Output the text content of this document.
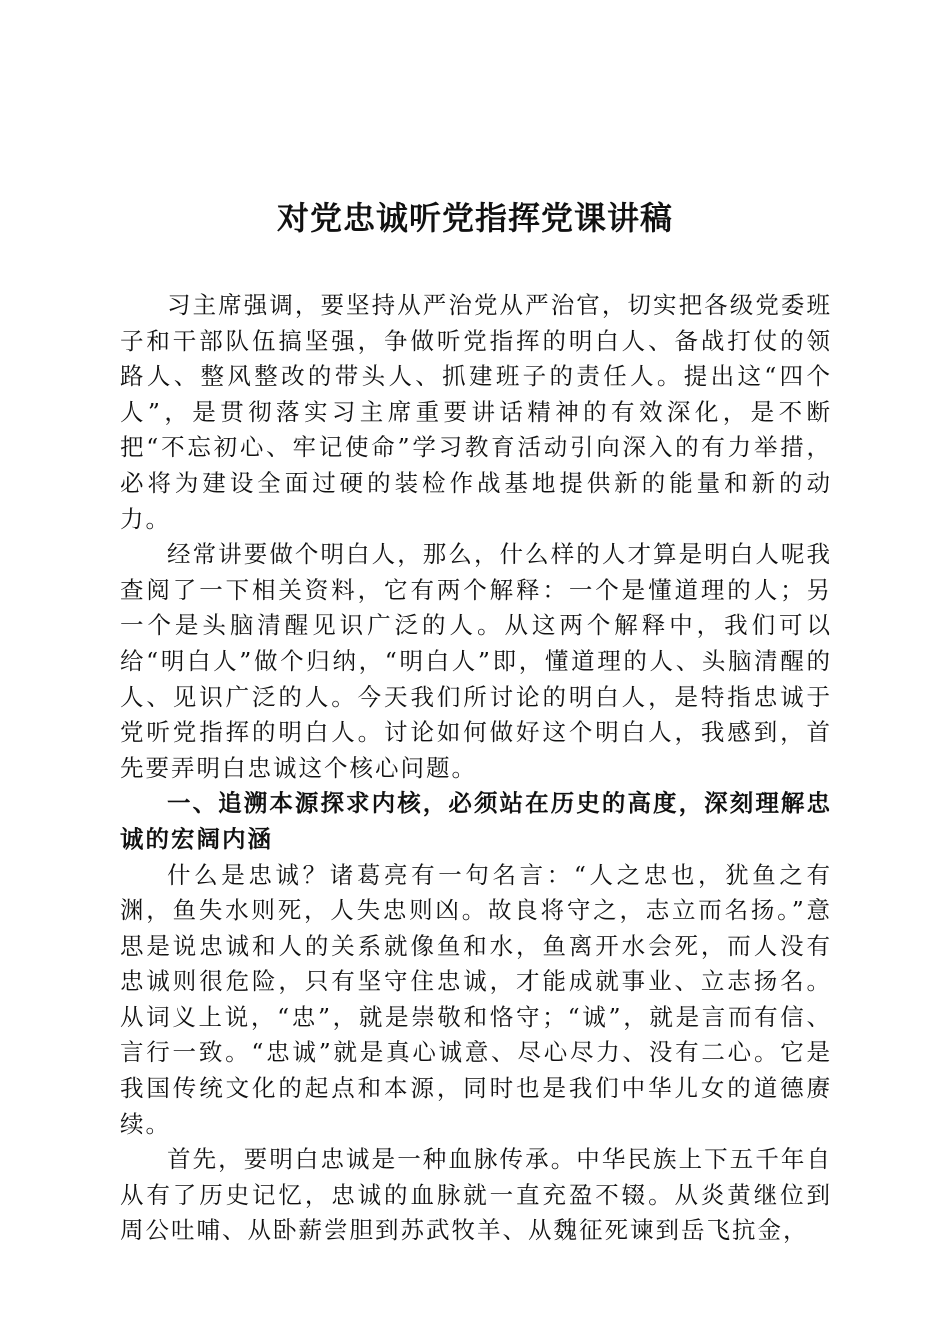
对党忠诚听党指挥党课讲稿

习主席强调，要坚持从严治党从严治官，切实把各级党委班子和干部队伍搞坚强，争做听党指挥的明白人、备战打仗的领路人、整风整改的带头人、抓建班子的责任人。提出这“四个人”，是贯彻落实习主席重要讲话精神的有效深化，是不断把“不忘初心、牢记使命”学习教育活动引向深入的有力举措，必将为建设全面过硬的装检作战基地提供新的能量和新的动力。

经常讲要做个明白人，那么，什么样的人才算是明白人呢我查阅了一下相关资料，它有两个解释：一个是懂道理的人；另一个是头脑清醒见识广泛的人。从这两个解释中，我们可以给“明白人”做个归纳，“明白人”即，懂道理的人、头脑清醒的人、见识广泛的人。今天我们所讨论的明白人，是特指忠诚于党听党指挥的明白人。讨论如何做好这个明白人，我感到，首先要弄明白忠诚这个核心问题。

一、追溯本源探求内核，必须站在历史的高度，深刻理解忠诚的宏阔内涵

什么是忠诚？诸葛亮有一句名言：“人之忠也，犹鱼之有渊，鱼失水则死，人失忠则凶。故良将守之，志立而名扬。”意思是说忠诚和人的关系就像鱼和水，鱼离开水会死，而人没有忠诚则很危险，只有坚守住忠诚，才能成就事业、立志扬名。从词义上说，“忠”，就是崇敬和恪守；“诚”，就是言而有信、言行一致。“忠诚”就是真心诚意、尽心尽力、没有二心。它是我国传统文化的起点和本源，同时也是我们中华儿女的道德赓续。

首先，要明白忠诚是一种血脉传承。中华民族上下五千年自从有了历史记忆，忠诚的血脉就一直充盈不辍。从炎黄继位到周公吐哺、从卧薪尝胆到苏武牧羊、从魏征死谏到岳飞抗金，
